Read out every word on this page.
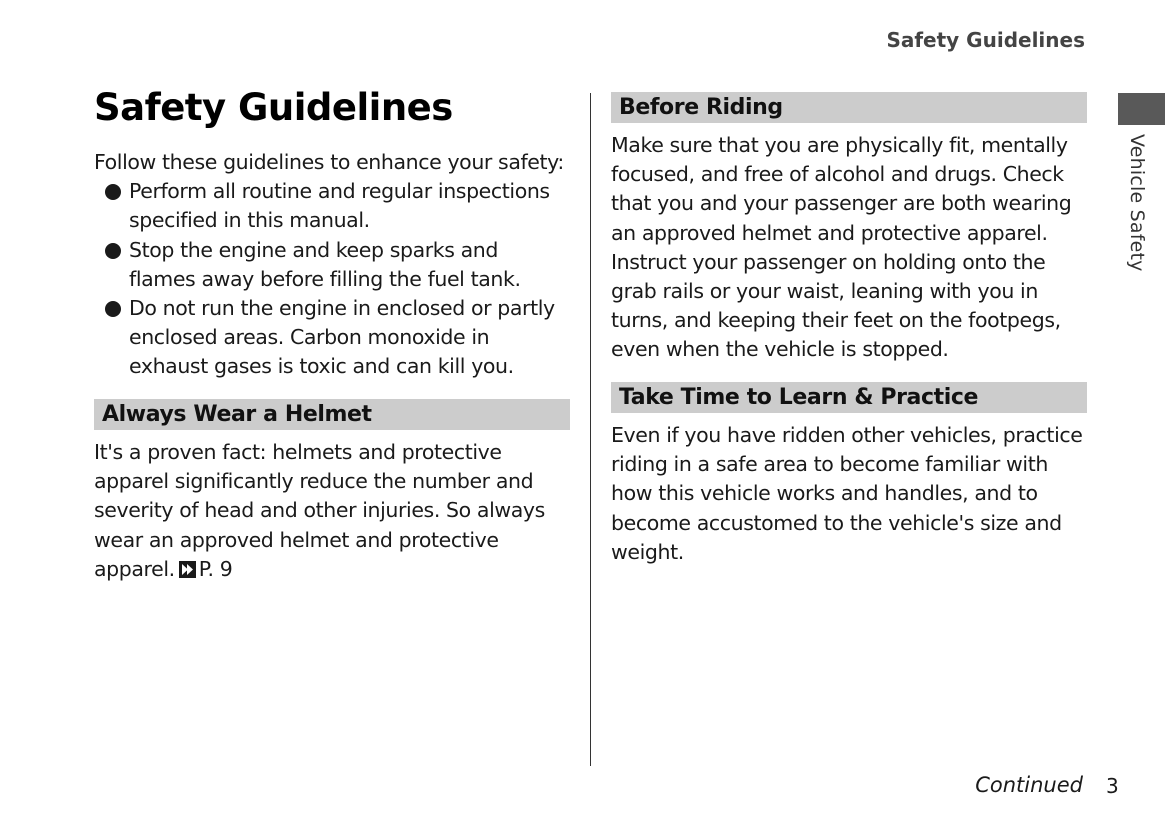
Safety Guidelines
Vehicle Safety
Safety Guidelines

Follow these guidelines to enhance your safety:

Perform all routine and regular inspections specified in this manual.
Stop the engine and keep sparks and flames away before filling the fuel tank.
Do not run the engine in enclosed or partly enclosed areas. Carbon monoxide in exhaust gases is toxic and can kill you.
Always Wear a Helmet

It's a proven fact: helmets and protective apparel significantly reduce the number and severity of head and other injuries. So always wear an approved helmet and protective apparel. P. 9

Before Riding

Make sure that you are physically fit, mentally focused, and free of alcohol and drugs. Check that you and your passenger are both wearing an approved helmet and protective apparel. Instruct your passenger on holding onto the grab rails or your waist, leaning with you in turns, and keeping their feet on the footpegs, even when the vehicle is stopped.

Take Time to Learn & Practice

Even if you have ridden other vehicles, practice riding in a safe area to become familiar with how this vehicle works and handles, and to become accustomed to the vehicle's size and weight.

Continued 3
